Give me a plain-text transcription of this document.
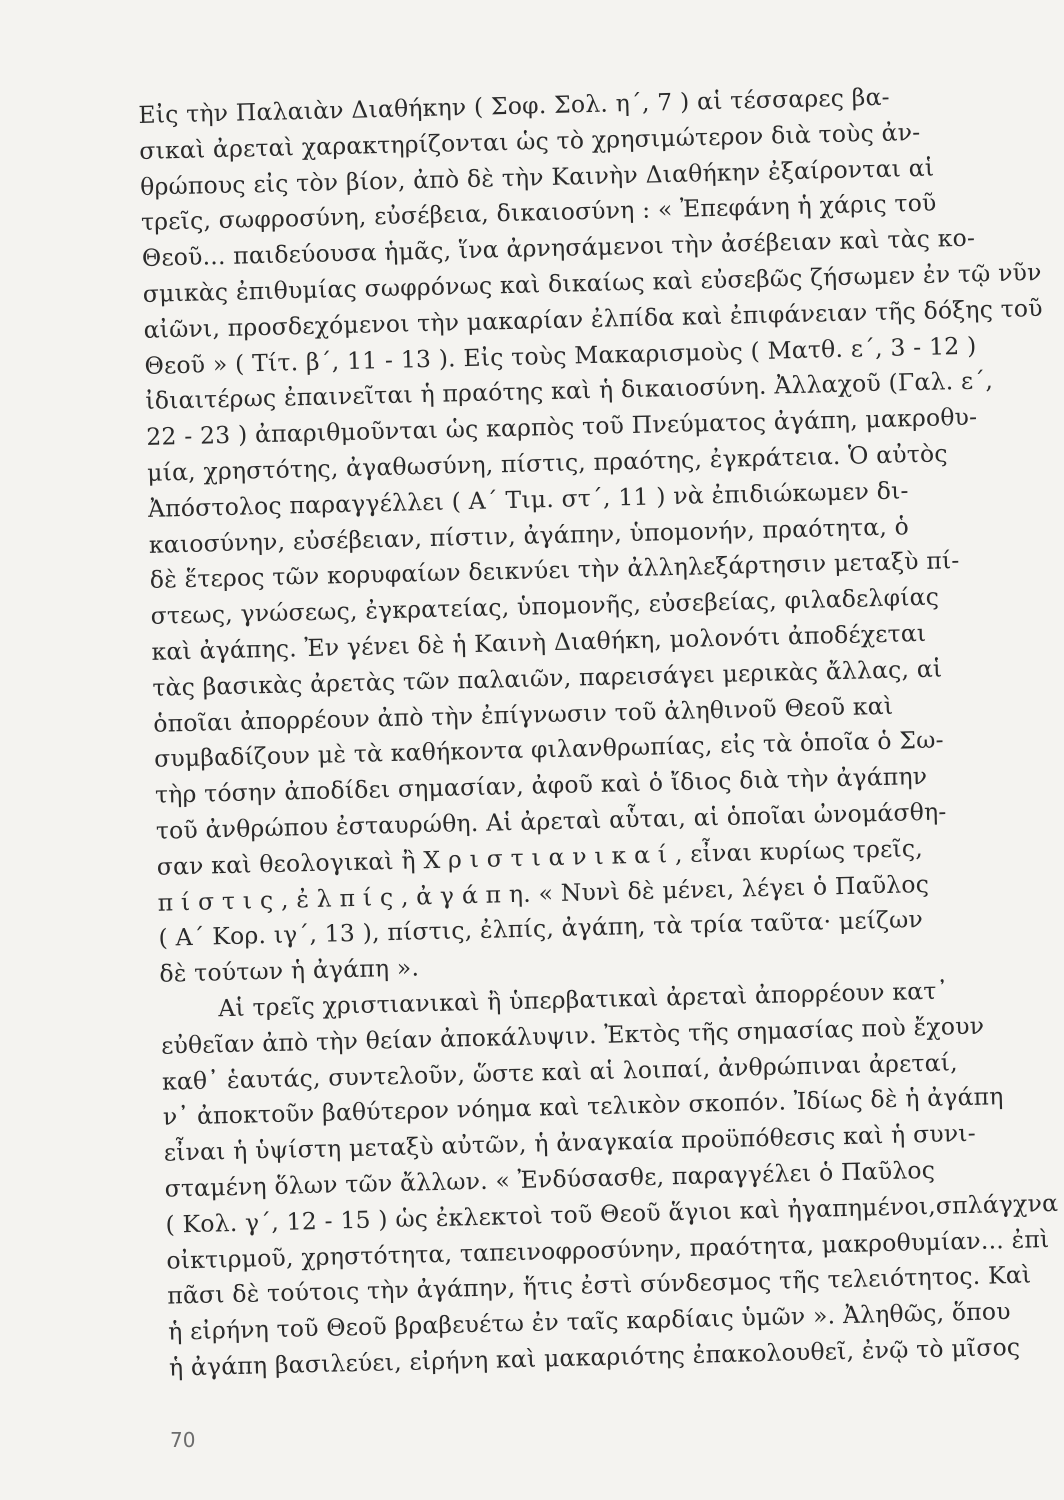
Εἰς τὴν Παλαιὰν Διαθήκην ( Σοφ. Σολ. η΄, 7 ) αἱ τέσσαρες βα-
σικαὶ ἀρεταὶ χαρακτηρίζονται ὡς τὸ χρησιμώτερον διὰ τοὺς ἀν-
θρώπους εἰς τὸν βίον, ἀπὸ δὲ τὴν Καινὴν Διαθήκην ἐξαίρονται αἱ
τρεῖς, σωφροσύνη, εὐσέβεια, δικαιοσύνη : « Ἐπεφάνη ἡ χάρις τοῦ
Θεοῦ... παιδεύουσα ἡμᾶς, ἵνα ἀρνησάμενοι τὴν ἀσέβειαν καὶ τὰς κο-
σμικὰς ἐπιθυμίας σωφρόνως καὶ δικαίως καὶ εὐσεβῶς ζήσωμεν ἐν τῷ νῦν
αἰῶνι, προσδεχόμενοι τὴν μακαρίαν ἐλπίδα καὶ ἐπιφάνειαν τῆς δόξης τοῦ
Θεοῦ » ( Τίτ. β΄, 11 - 13 ). Εἰς τοὺς Μακαρισμοὺς ( Ματθ. ε΄, 3 - 12 )
ἰδιαιτέρως ἐπαινεῖται ἡ πραότης καὶ ἡ δικαιοσύνη. Ἀλλαχοῦ (Γαλ. ε΄,
22 - 23 ) ἀπαριθμοῦνται ὡς καρπὸς τοῦ Πνεύματος ἀγάπη, μακροθυ-
μία, χρηστότης, ἀγαθωσύνη, πίστις, πραότης, ἐγκράτεια. Ὁ αὐτὸς
Ἀπόστολος παραγγέλλει ( Α΄ Τιμ. στ΄, 11 ) νὰ ἐπιδιώκωμεν δι-
καιοσύνην, εὐσέβειαν, πίστιν, ἀγάπην, ὑπομονήν, πραότητα, ὁ
δὲ ἕτερος τῶν κορυφαίων δεικνύει τὴν ἀλληλεξάρτησιν μεταξὺ πί-
στεως, γνώσεως, ἐγκρατείας, ὑπομονῆς, εὐσεβείας, φιλαδελφίας
καὶ ἀγάπης. Ἐν γένει δὲ ἡ Καινὴ Διαθήκη, μολονότι ἀποδέχεται
τὰς βασικὰς ἀρετὰς τῶν παλαιῶν, παρεισάγει μερικὰς ἄλλας, αἱ
ὁποῖαι ἀπορρέουν ἀπὸ τὴν ἐπίγνωσιν τοῦ ἀληθινοῦ Θεοῦ καὶ
συμβαδίζουν μὲ τὰ καθήκοντα φιλανθρωπίας, εἰς τὰ ὁποῖα ὁ Σω-
τὴρ τόσην ἀποδίδει σημασίαν, ἀφοῦ καὶ ὁ ἴδιος διὰ τὴν ἀγάπην
τοῦ ἀνθρώπου ἐσταυρώθη. Αἱ ἀρεταὶ αὗται, αἱ ὁποῖαι ὠνομάσθη-
σαν καὶ θεολογικαὶ ἢ Χ ρ ι σ τ ι α ν ι κ α ί , εἶναι κυρίως τρεῖς,
π ί σ τ ι ς , ἐ λ π ί ς , ἀ γ ά π η. « Νυνὶ δὲ μένει, λέγει ὁ Παῦλος
( Α΄ Κορ. ιγ΄, 13 ), πίστις, ἐλπίς, ἀγάπη, τὰ τρία ταῦτα· μείζων
δὲ τούτων ἡ ἀγάπη ».
Αἱ τρεῖς χριστιανικαὶ ἢ ὑπερβατικαὶ ἀρεταὶ ἀπορρέουν κατ᾽
εὐθεῖαν ἀπὸ τὴν θείαν ἀποκάλυψιν. Ἐκτὸς τῆς σημασίας ποὺ ἔχουν
καθ᾽ ἑαυτάς, συντελοῦν, ὥστε καὶ αἱ λοιπαί, ἀνθρώπιναι ἀρεταί,
ν᾽ ἀποκτοῦν βαθύτερον νόημα καὶ τελικὸν σκοπόν. Ἰδίως δὲ ἡ ἀγάπη
εἶναι ἡ ὑψίστη μεταξὺ αὐτῶν, ἡ ἀναγκαία προϋπόθεσις καὶ ἡ συνι-
σταμένη ὅλων τῶν ἄλλων. « Ἐνδύσασθε, παραγγέλει ὁ Παῦλος
( Κολ. γ΄, 12 - 15 ) ὡς ἐκλεκτοὶ τοῦ Θεοῦ ἅγιοι καὶ ἠγαπημένοι,σπλάγχνα
οἰκτιρμοῦ, χρηστότητα, ταπεινοφροσύνην, πραότητα, μακροθυμίαν... ἐπὶ
πᾶσι δὲ τούτοις τὴν ἀγάπην, ἥτις ἐστὶ σύνδεσμος τῆς τελειότητος. Καὶ
ἡ εἰρήνη τοῦ Θεοῦ βραβευέτω ἐν ταῖς καρδίαις ὑμῶν ». Ἀληθῶς, ὅπου
ἡ ἀγάπη βασιλεύει, εἰρήνη καὶ μακαριότης ἐπακολουθεῖ, ἐνῷ τὸ μῖσος
70
